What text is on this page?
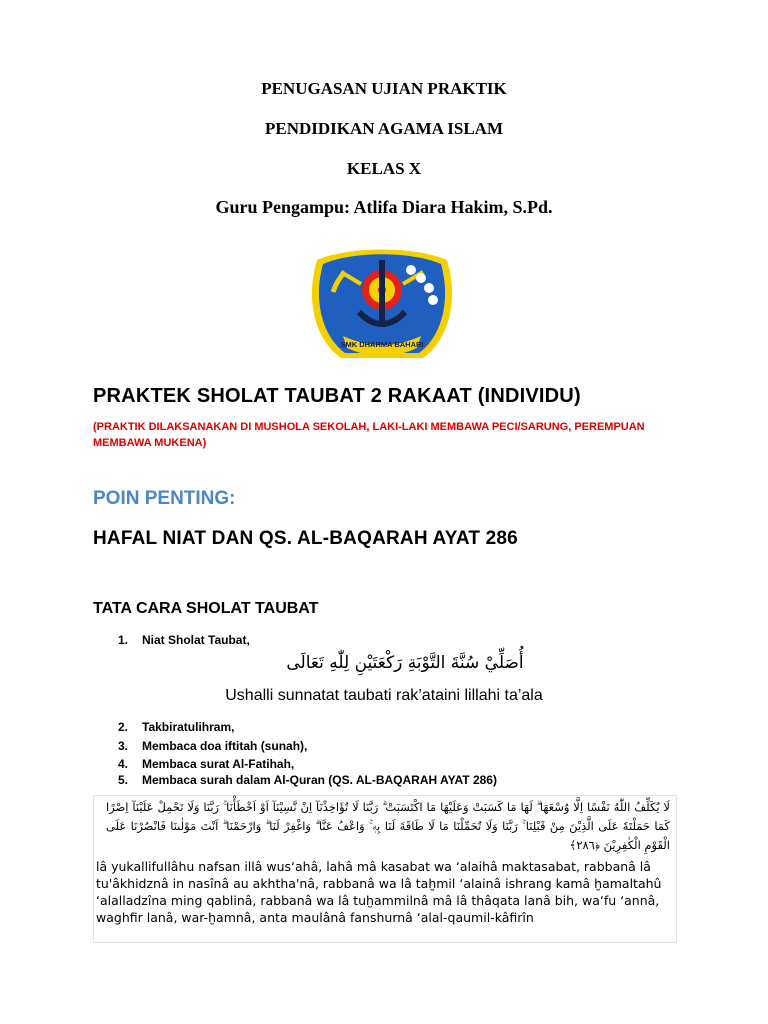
PENUGASAN UJIAN PRAKTIK
PENDIDIKAN AGAMA ISLAM
KELAS X
Guru Pengampu: Atlifa Diara Hakim, S.Pd.
SMK DHARMA BAHARI
PRAKTEK SHOLAT TAUBAT 2 RAKAAT (INDIVIDU)
(PRAKTIK DILAKSANAKAN DI MUSHOLA SEKOLAH, LAKI-LAKI MEMBAWA PECI/SARUNG, PEREMPUAN MEMBAWA MUKENA)
POIN PENTING:
HAFAL NIAT DAN QS. AL-BAQARAH AYAT 286
TATA CARA SHOLAT TAUBAT
1. Niat Sholat Taubat,
أُصَلِّيْ سُنَّةَ التَّوْبَةِ رَكْعَتَيْنِ لِلّٰهِ تَعَالَى
Ushalli sunnatat taubati rak’ataini lillahi ta’ala
2. Takbiratulihram,
3. Membaca doa iftitah (sunah),
4. Membaca surat Al-Fatihah,
5. Membaca surah dalam Al-Quran (QS. AL-BAQARAH AYAT 286)
لَا يُكَلِّفُ اللّٰهُ نَفْسًا اِلَّا وُسْعَهَا ۗ لَهَا مَا كَسَبَتْ وَعَلَيْهَا مَا اكْتَسَبَتْ ۗ رَبَّنَا لَا تُؤَاخِذْنَآ اِنْ نَّسِيْنَآ اَوْ اَخْطَأْنَا ۚ رَبَّنَا وَلَا تَحْمِلْ عَلَيْنَآ اِصْرًا كَمَا حَمَلْتَهٗ عَلَى الَّذِيْنَ مِنْ قَبْلِنَا ۚ رَبَّنَا وَلَا تُحَمِّلْنَا مَا لَا طَاقَةَ لَنَا بِهٖ ۚ وَاعْفُ عَنَّا ۗ وَاغْفِرْ لَنَا ۗ وَارْحَمْنَا ۗ اَنْتَ مَوْلٰىنَا فَانْصُرْنَا عَلَى الْقَوْمِ الْكٰفِرِيْنَ ﴿٢٨٦﴾
lâ yukallifullâhu nafsan illâ wus‘ahâ, lahâ mâ kasabat wa ‘alaihâ maktasabat, rabbanâ lâ tu'âkhidznâ in nasînâ au akhtha'nâ, rabbanâ wa lâ taḫmil ‘alainâ ishrang kamâ ḫamaltahû ‘alalladzîna ming qablinâ, rabbanâ wa lâ tuḫammilnâ mâ lâ thâqata lanâ bih, wa‘fu ‘annâ, waghfir lanâ, war-ḫamnâ, anta maulânâ fanshurnâ ‘alal-qaumil-kâfirîn
